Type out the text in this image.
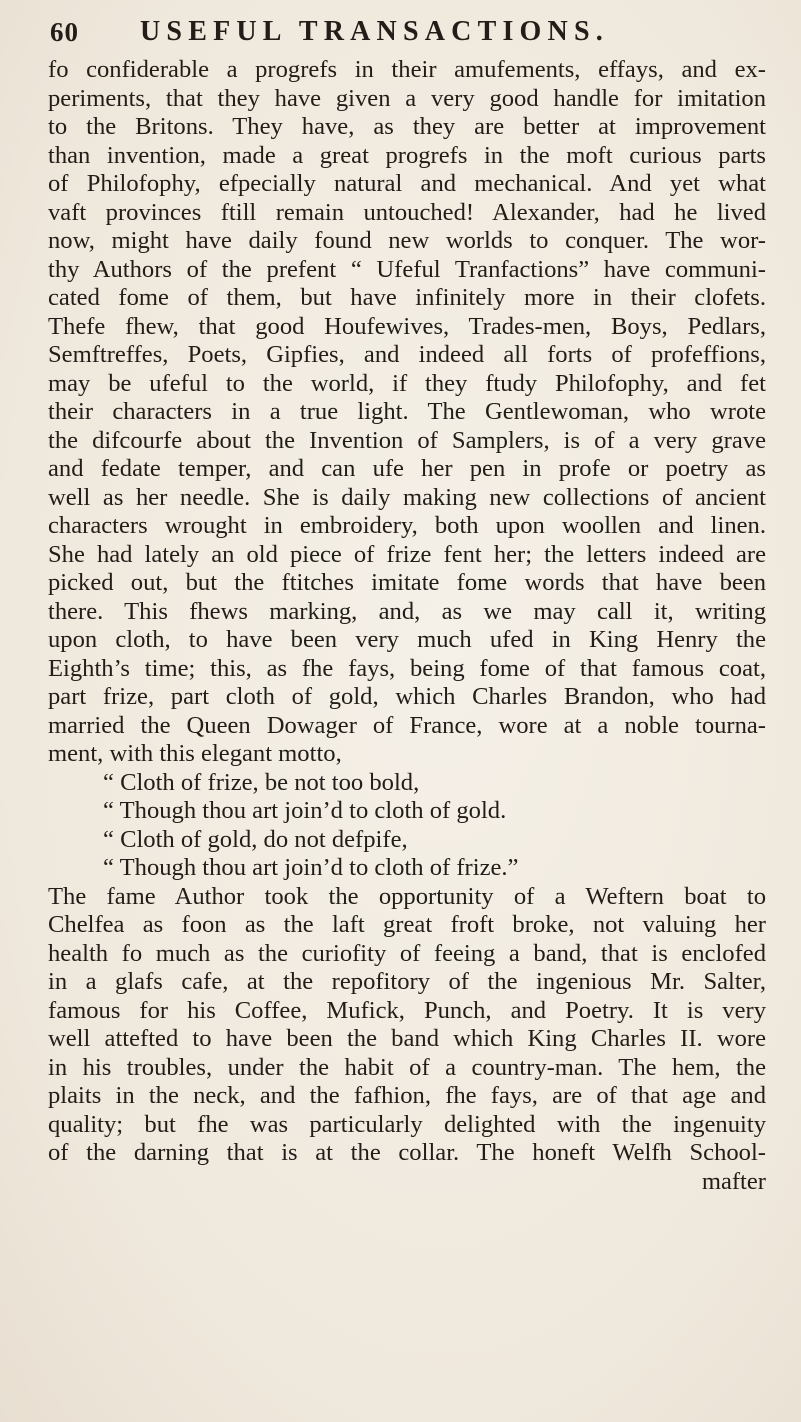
60 USEFUL TRANSACTIONS.
fo confiderable a progrefs in their amufements, effays, and ex-
periments, that they have given a very good handle for imitation
to the Britons. They have, as they are better at improvement
than invention, made a great progrefs in the moft curious parts
of Philofophy, efpecially natural and mechanical. And yet what
vaft provinces ftill remain untouched! Alexander, had he lived
now, might have daily found new worlds to conquer. The wor-
thy Authors of the prefent “ Ufeful Tranfactions” have communi-
cated fome of them, but have infinitely more in their clofets.
Thefe fhew, that good Houfewives, Trades-men, Boys, Pedlars,
Semftreffes, Poets, Gipfies, and indeed all forts of profeffions,
may be ufeful to the world, if they ftudy Philofophy, and fet
their characters in a true light. The Gentlewoman, who wrote
the difcourfe about the Invention of Samplers, is of a very grave
and fedate temper, and can ufe her pen in profe or poetry as
well as her needle. She is daily making new collections of ancient
characters wrought in embroidery, both upon woollen and linen.
She had lately an old piece of frize fent her; the letters indeed are
picked out, but the ftitches imitate fome words that have been
there. This fhews marking, and, as we may call it, writing
upon cloth, to have been very much ufed in King Henry the
Eighth’s time; this, as fhe fays, being fome of that famous coat,
part frize, part cloth of gold, which Charles Brandon, who had
married the Queen Dowager of France, wore at a noble tourna-
ment, with this elegant motto,
“ Cloth of frize, be not too bold,
“ Though thou art join’d to cloth of gold.
“ Cloth of gold, do not defpife,
“ Though thou art join’d to cloth of frize.”
The fame Author took the opportunity of a Weftern boat to
Chelfea as foon as the laft great froft broke, not valuing her
health fo much as the curiofity of feeing a band, that is enclofed
in a glafs cafe, at the repofitory of the ingenious Mr. Salter,
famous for his Coffee, Mufick, Punch, and Poetry. It is very
well attefted to have been the band which King Charles II. wore
in his troubles, under the habit of a country-man. The hem, the
plaits in the neck, and the fafhion, fhe fays, are of that age and
quality; but fhe was particularly delighted with the ingenuity
of the darning that is at the collar. The honeft Welfh School-
mafter
